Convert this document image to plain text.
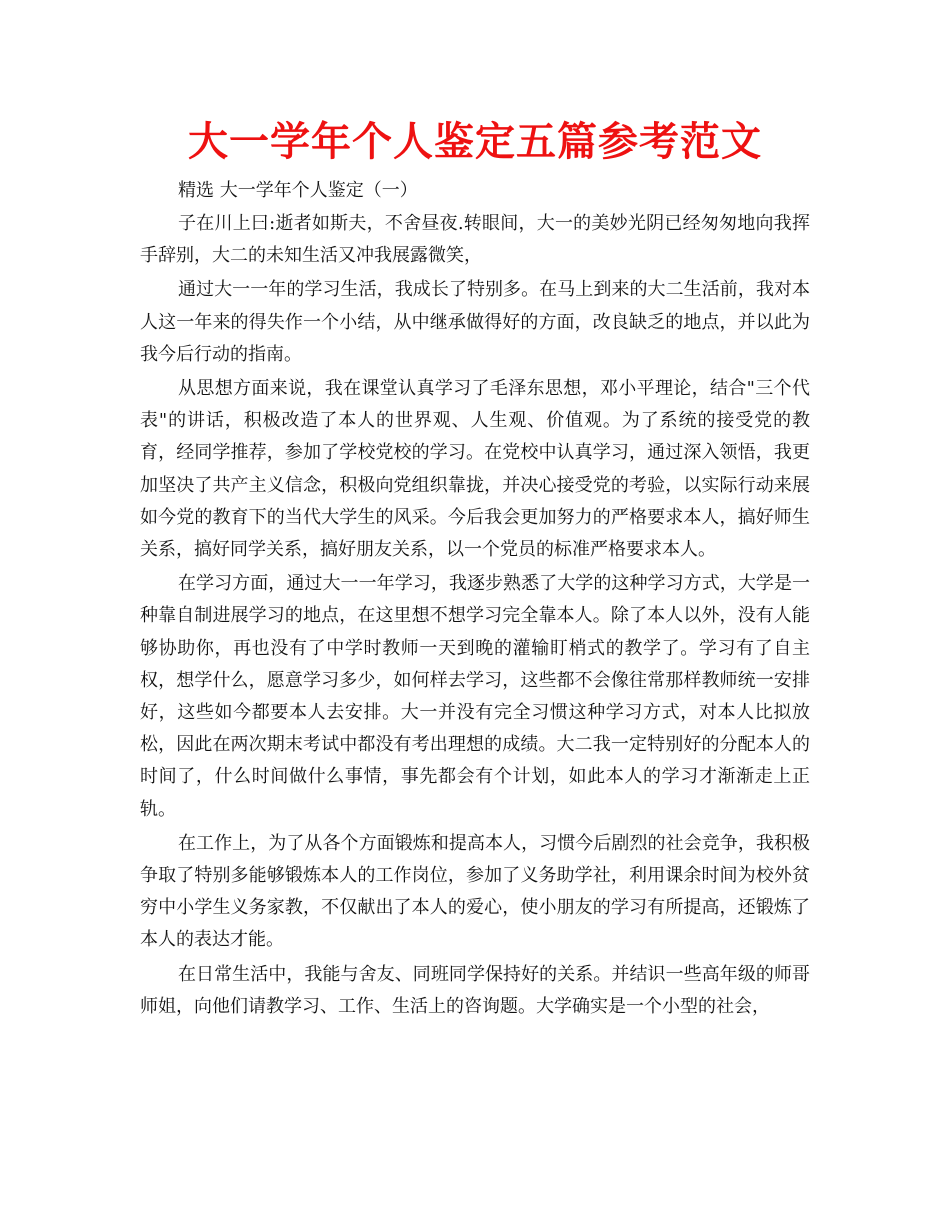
大一学年个人鉴定五篇参考范文

精选 大一学年个人鉴定（一）

子在川上曰:逝者如斯夫，不舍昼夜.转眼间，大一的美妙光阴已经匆匆地向我挥手辞别，大二的未知生活又冲我展露微笑，

通过大一一年的学习生活，我成长了特别多。在马上到来的大二生活前，我对本人这一年来的得失作一个小结，从中继承做得好的方面，改良缺乏的地点，并以此为我今后行动的指南。

从思想方面来说，我在课堂认真学习了毛泽东思想，邓小平理论，结合"三个代表"的讲话，积极改造了本人的世界观、人生观、价值观。为了系统的接受党的教育，经同学推荐，参加了学校党校的学习。在党校中认真学习，通过深入领悟，我更加坚决了共产主义信念，积极向党组织靠拢，并决心接受党的考验，以实际行动来展如今党的教育下的当代大学生的风采。今后我会更加努力的严格要求本人，搞好师生关系，搞好同学关系，搞好朋友关系，以一个党员的标准严格要求本人。

在学习方面，通过大一一年学习，我逐步熟悉了大学的这种学习方式，大学是一种靠自制进展学习的地点，在这里想不想学习完全靠本人。除了本人以外，没有人能够协助你，再也没有了中学时教师一天到晚的灌输盯梢式的教学了。学习有了自主权，想学什么，愿意学习多少，如何样去学习，这些都不会像往常那样教师统一安排好，这些如今都要本人去安排。大一并没有完全习惯这种学习方式，对本人比拟放松，因此在两次期末考试中都没有考出理想的成绩。大二我一定特别好的分配本人的时间了，什么时间做什么事情，事先都会有个计划，如此本人的学习才渐渐走上正轨。

在工作上，为了从各个方面锻炼和提高本人，习惯今后剧烈的社会竞争，我积极争取了特别多能够锻炼本人的工作岗位，参加了义务助学社，利用课余时间为校外贫穷中小学生义务家教，不仅献出了本人的爱心，使小朋友的学习有所提高，还锻炼了本人的表达才能。

在日常生活中，我能与舍友、同班同学保持好的关系。并结识一些高年级的师哥师姐，向他们请教学习、工作、生活上的咨询题。大学确实是一个小型的社会，
